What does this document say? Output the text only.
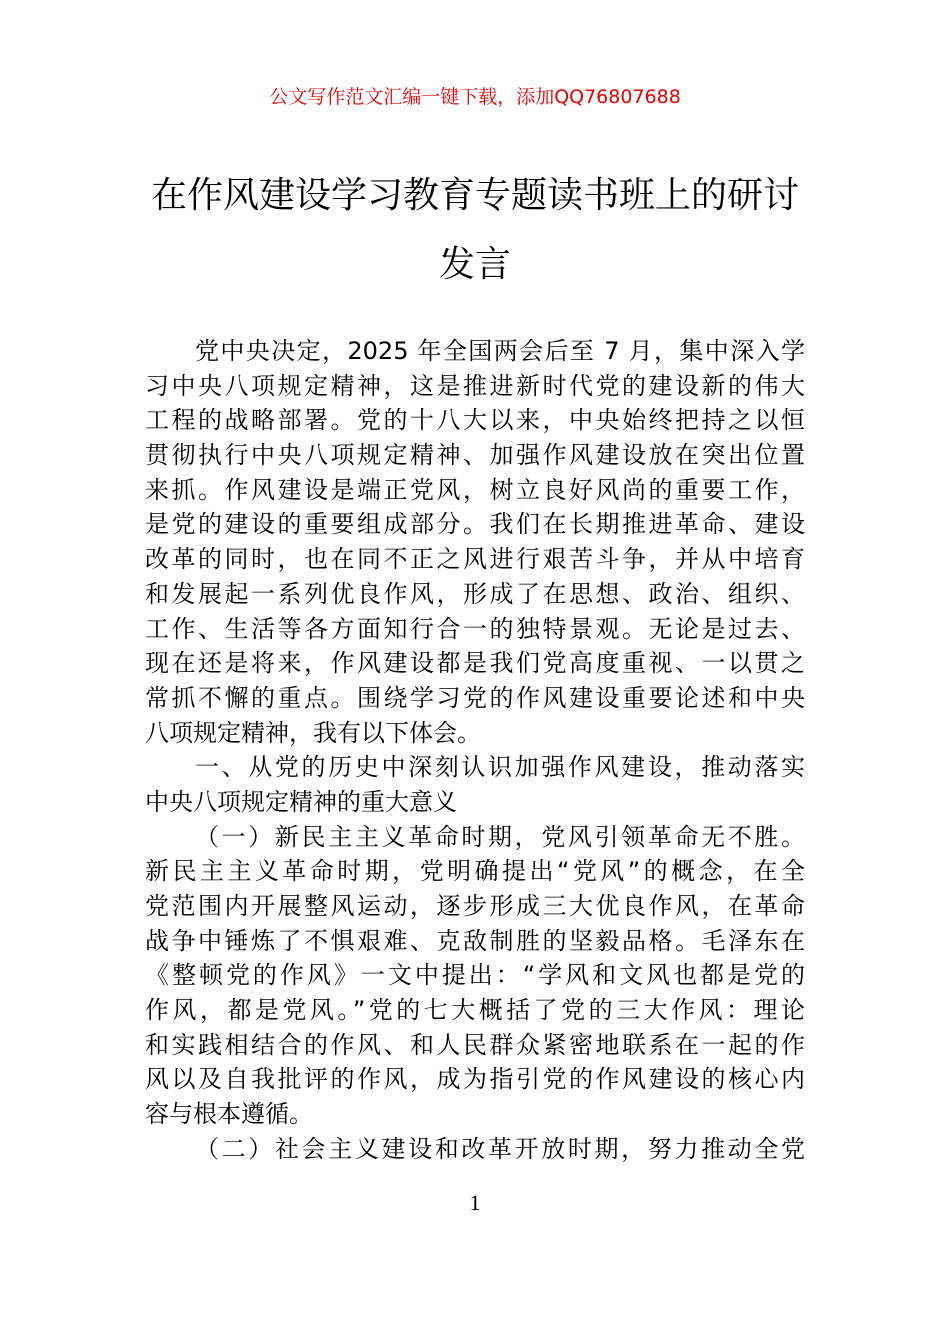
公文写作范文汇编一键下载，添加QQ76807688
在作风建设学习教育专题读书班上的研讨
发言
党中央决定，2025 年全国两会后至 7 月，集中深入学
习中央八项规定精神，这是推进新时代党的建设新的伟大
工程的战略部署。党的十八大以来，中央始终把持之以恒
贯彻执行中央八项规定精神、加强作风建设放在突出位置
来抓。作风建设是端正党风，树立良好风尚的重要工作，
是党的建设的重要组成部分。我们在长期推进革命、建设
改革的同时，也在同不正之风进行艰苦斗争，并从中培育
和发展起一系列优良作风，形成了在思想、政治、组织、
工作、生活等各方面知行合一的独特景观。无论是过去、
现在还是将来，作风建设都是我们党高度重视、一以贯之
常抓不懈的重点。围绕学习党的作风建设重要论述和中央
八项规定精神，我有以下体会。
一、从党的历史中深刻认识加强作风建设，推动落实
中央八项规定精神的重大意义
（一）新民主主义革命时期，党风引领革命无不胜。
新民主主义革命时期，党明确提出“党风”的概念，在全
党范围内开展整风运动，逐步形成三大优良作风，在革命
战争中锤炼了不惧艰难、克敌制胜的坚毅品格。毛泽东在
《整顿党的作风》一文中提出：“学风和文风也都是党的
作风，都是党风。”党的七大概括了党的三大作风：理论
和实践相结合的作风、和人民群众紧密地联系在一起的作
风以及自我批评的作风，成为指引党的作风建设的核心内
容与根本遵循。
（二）社会主义建设和改革开放时期，努力推动全党
1
